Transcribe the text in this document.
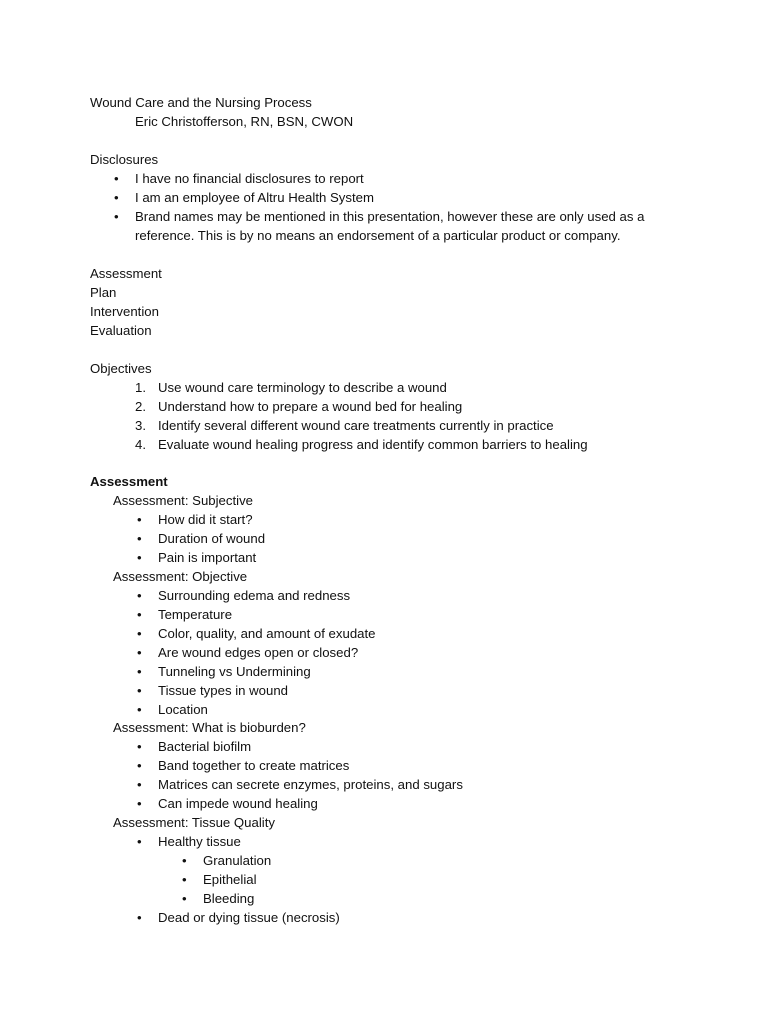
Wound Care and the Nursing Process
Eric Christofferson, RN, BSN, CWON
Disclosures
•	I have no financial disclosures to report
•	I am an employee of Altru Health System
•	Brand names may be mentioned in this presentation, however these are only used as a
reference. This is by no means an endorsement of a particular product or company.
Assessment
Plan
Intervention
Evaluation
Objectives
1. Use wound care terminology to describe a wound
2. Understand how to prepare a wound bed for healing
3. Identify several different wound care treatments currently in practice
4. Evaluate wound healing progress and identify common barriers to healing
Assessment
Assessment: Subjective
•	How did it start?
•	Duration of wound
•	Pain is important
Assessment: Objective
•	Surrounding edema and redness
•	Temperature
•	Color, quality, and amount of exudate
•	Are wound edges open or closed?
•	Tunneling vs Undermining
•	Tissue types in wound
•	Location
Assessment: What is bioburden?
•	Bacterial biofilm
•	Band together to create matrices
•	Matrices can secrete enzymes, proteins, and sugars
•	Can impede wound healing
Assessment: Tissue Quality
•	Healthy tissue
•	Granulation
•	Epithelial
•	Bleeding
•	Dead or dying tissue (necrosis)
